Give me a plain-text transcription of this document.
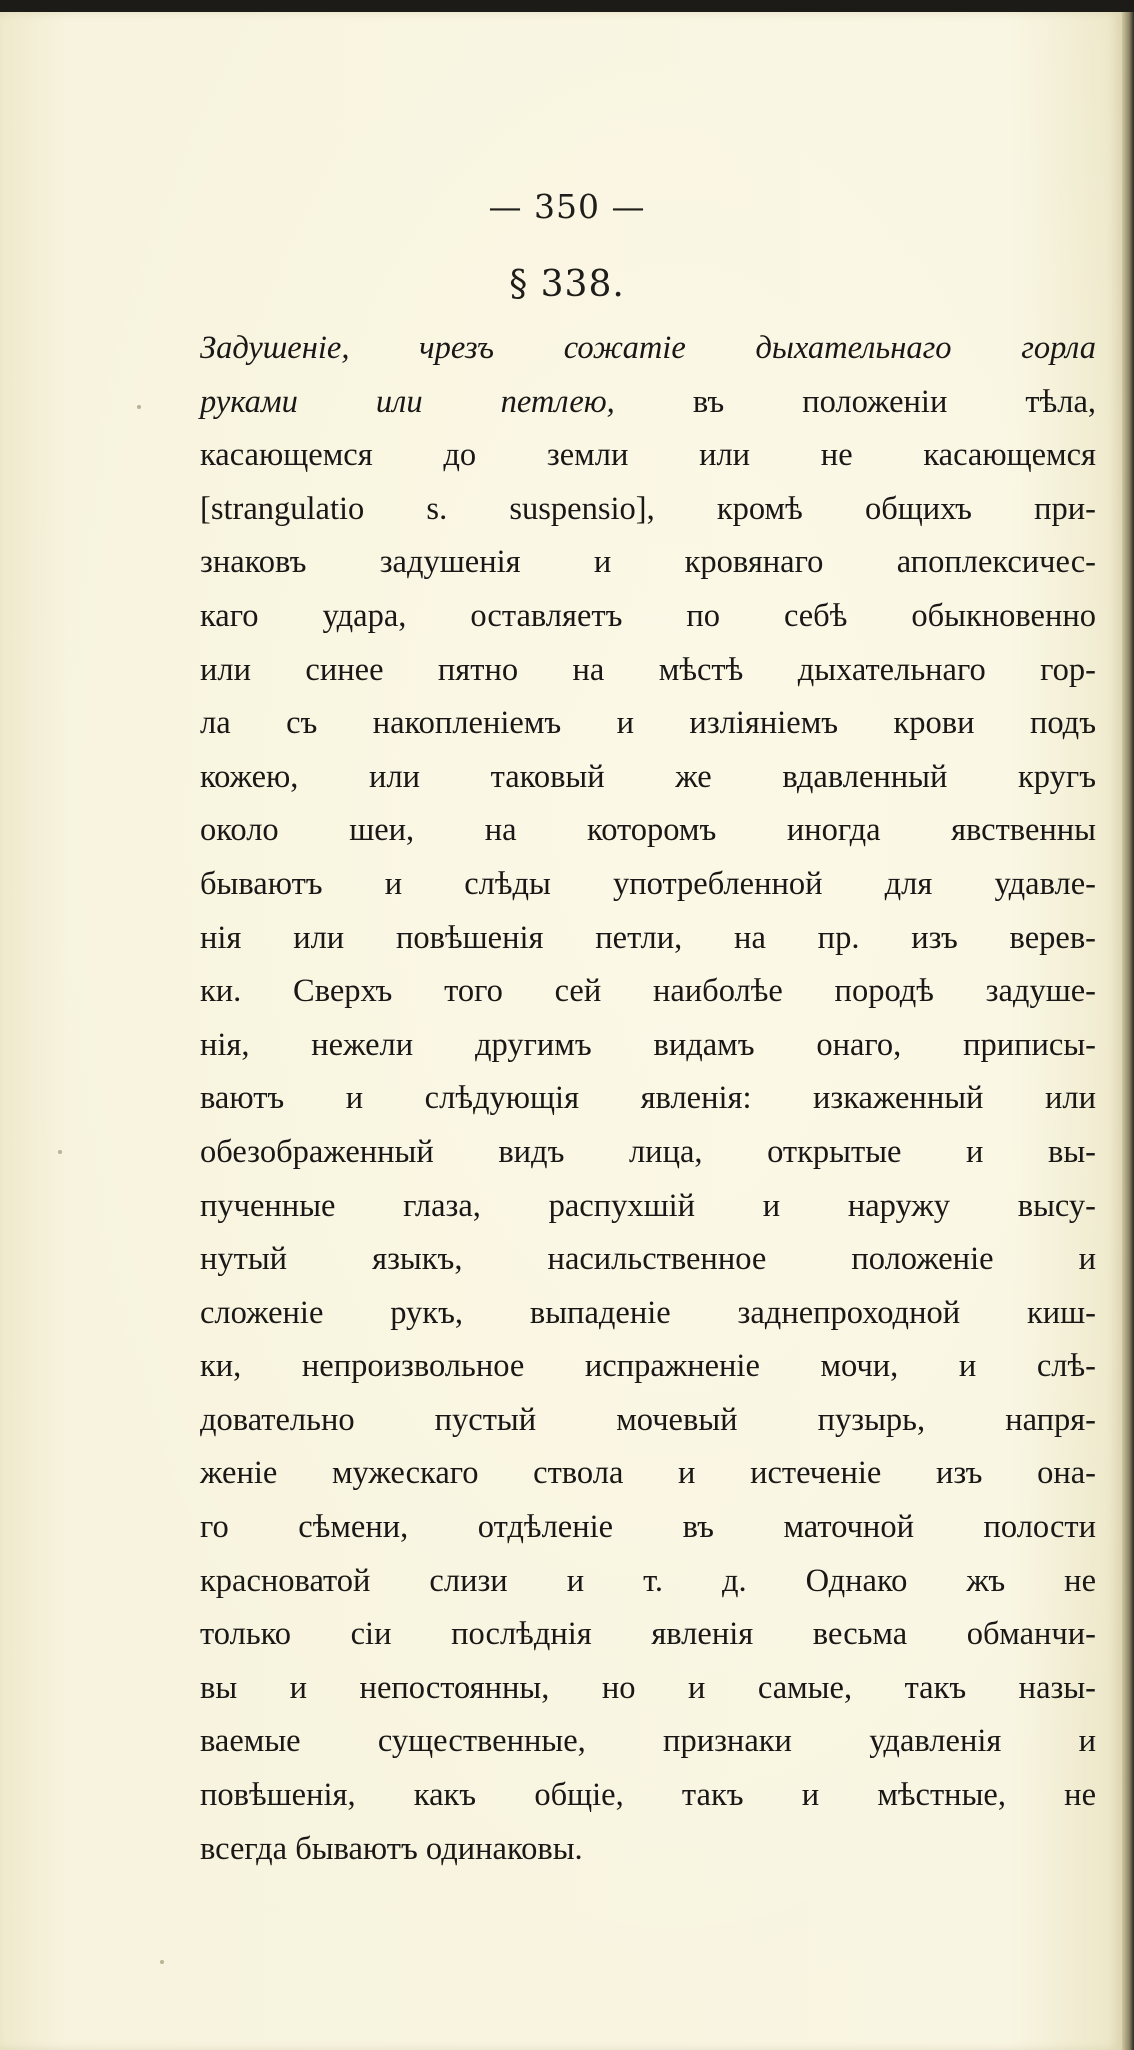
— 350 —
§ 338.
Задушеніе, чрезъ сожатіе дыхательнаго горла
руками или петлею, въ положеніи тѣла,
касающемся до земли или не касающемся
[strangulatio s. suspensio], кромѣ общихъ при-
знаковъ задушенія и кровянаго апоплексичес-
каго удара, оставляетъ по себѣ обыкновенно
или синее пятно на мѣстѣ дыхательнаго гор-
ла съ накопленіемъ и изліяніемъ крови подъ
кожею, или таковый же вдавленный кругъ
около шеи, на которомъ иногда явственны
бываютъ и слѣды употребленной для удавле-
нія или повѣшенія петли, на пр. изъ верев-
ки. Сверхъ того сей наиболѣе породѣ задуше-
нія, нежели другимъ видамъ онаго, приписы-
ваютъ и слѣдующія явленія: изкаженный или
обезображенный видъ лица, открытые и вы-
пученные глаза, распухшій и наружу высу-
нутый языкъ, насильственное положеніе и
сложеніе рукъ, выпаденіе заднепроходной киш-
ки, непроизвольное испражненіе мочи, и слѣ-
довательно пустый мочевый пузырь, напря-
женіе мужескаго ствола и истеченіе изъ она-
го сѣмени, отдѣленіе въ маточной полости
красноватой слизи и т. д. Однако жъ не
только сіи послѣднія явленія весьма обманчи-
вы и непостоянны, но и самые, такъ назы-
ваемые существенные, признаки удавленія и
повѣшенія, какъ общіе, такъ и мѣстные, не
всегда бываютъ одинаковы.
